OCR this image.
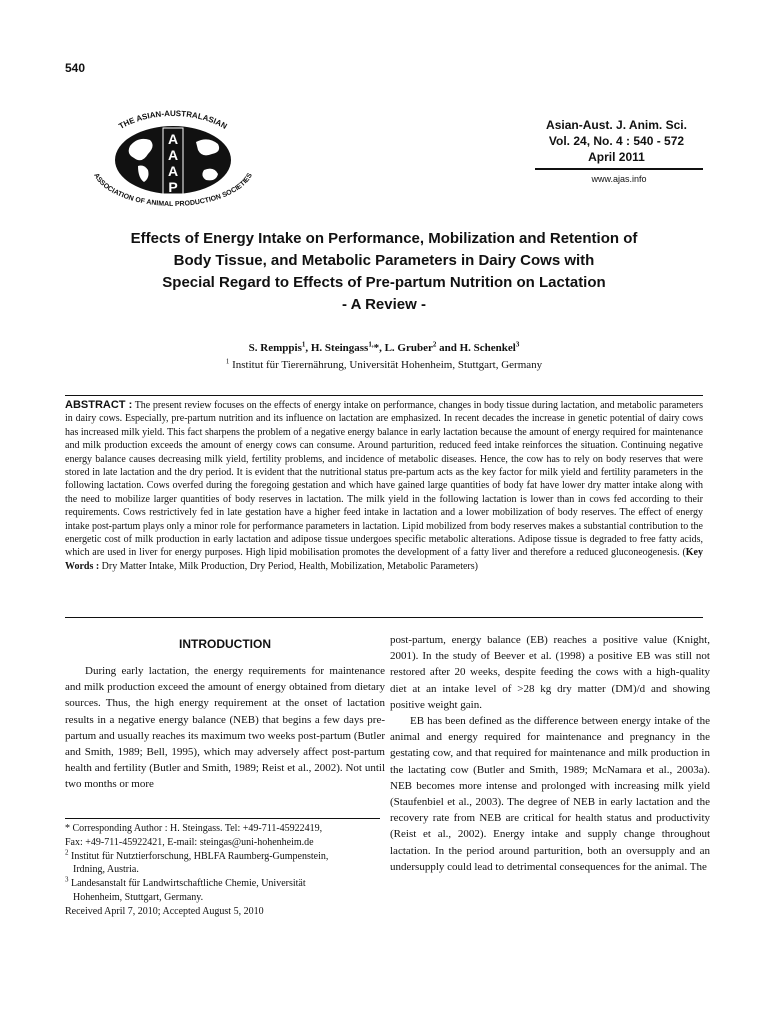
540
A
A
A
P
THE ASIAN-AUSTRALASIAN
ASSOCIATION OF ANIMAL PRODUCTION SOCIETIES
Asian-Aust. J. Anim. Sci.
Vol. 24, No. 4 : 540 - 572
April 2011
www.ajas.info
Effects of Energy Intake on Performance, Mobilization and Retention of
Body Tissue, and Metabolic Parameters in Dairy Cows with
Special Regard to Effects of Pre-partum Nutrition on Lactation
- A Review -
S. Remppis$^1$, H. Steingass$^{1,}$*, L. Gruber$^2$ and H. Schenkel$^3$
$^1$ Institut für Tierernährung, Universität Hohenheim, Stuttgart, Germany
ABSTRACT : The present review focuses on the effects of energy intake on performance, changes in body tissue during lactation, and metabolic parameters in dairy cows. Especially, pre-partum nutrition and its influence on lactation are emphasized. In recent decades the increase in genetic potential of dairy cows has increased milk yield. This fact sharpens the problem of a negative energy balance in early lactation because the amount of energy required for maintenance and milk production exceeds the amount of energy cows can consume. Around parturition, reduced feed intake reinforces the situation. Continuing negative energy balance causes decreasing milk yield, fertility problems, and incidence of metabolic diseases. Hence, the cow has to rely on body reserves that were stored in late lactation and the dry period. It is evident that the nutritional status pre-partum acts as the key factor for milk yield and fertility parameters in the following lactation. Cows overfed during the foregoing gestation and which have gained large quantities of body fat have lower dry matter intake along with the need to mobilize larger quantities of body reserves in lactation. The milk yield in the following lactation is lower than in cows fed according to their requirements. Cows restrictively fed in late gestation have a higher feed intake in lactation and a lower mobilization of body reserves. The effect of energy intake post-partum plays only a minor role for performance parameters in lactation. Lipid mobilized from body reserves makes a substantial contribution to the energetic cost of milk production in early lactation and adipose tissue undergoes specific metabolic alterations. Adipose tissue is degraded to free fatty acids, which are used in liver for energy purposes. High lipid mobilisation promotes the development of a fatty liver and therefore a reduced gluconeogenesis. (Key Words : Dry Matter Intake, Milk Production, Dry Period, Health, Mobilization, Metabolic Parameters)
INTRODUCTION

During early lactation, the energy requirements for maintenance and milk production exceed the amount of energy obtained from dietary sources. Thus, the high energy requirement at the onset of lactation results in a negative energy balance (NEB) that begins a few days pre-partum and usually reaches its maximum two weeks post-partum (Butler and Smith, 1989; Bell, 1995), which may adversely affect post-partum health and fertility (Butler and Smith, 1989; Reist et al., 2002). Not until two months or more

post-partum, energy balance (EB) reaches a positive value (Knight, 2001). In the study of Beever et al. (1998) a positive EB was still not restored after 20 weeks, despite feeding the cows with a high-quality diet at an intake level of >28 kg dry matter (DM)/d and showing positive weight gain.

EB has been defined as the difference between energy intake of the animal and energy required for maintenance and pregnancy in the gestating cow, and that required for maintenance and milk production in the lactating cow (Butler and Smith, 1989; McNamara et al., 2003a). NEB becomes more intense and prolonged with increasing milk yield (Staufenbiel et al., 2003). The degree of NEB in early lactation and the recovery rate from NEB are critical for health status and productivity (Reist et al., 2002). Energy intake and supply change throughout lactation. In the period around parturition, both an oversupply and an undersupply could lead to detrimental consequences for the animal. The

* Corresponding Author : H. Steingass. Tel: +49-711-45922419,
Fax: +49-711-45922421, E-mail: steingas@uni-hohenheim.de
$^2$ Institut für Nutztierforschung, HBLFA Raumberg-Gumpenstein,
Irdning, Austria.
$^3$ Landesanstalt für Landwirtschaftliche Chemie, Universität
Hohenheim, Stuttgart, Germany.
Received April 7, 2010; Accepted August 5, 2010
